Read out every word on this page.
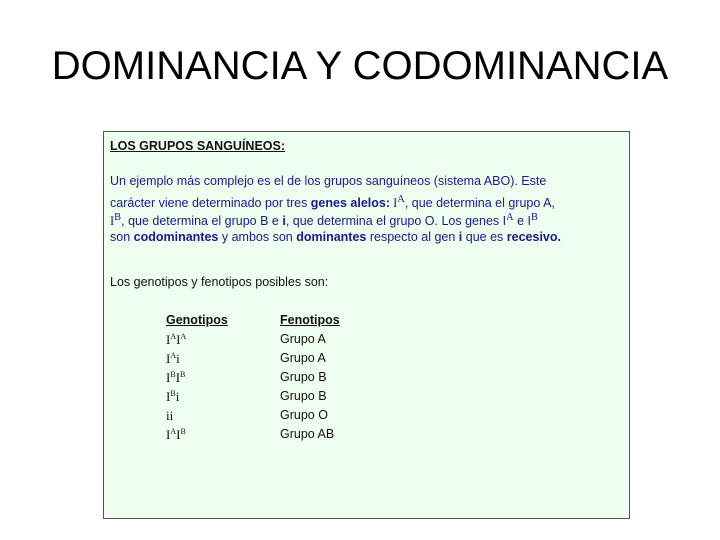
DOMINANCIA Y CODOMINANCIA
LOS GRUPOS SANGUÍNEOS:
Un ejemplo más complejo es el de los grupos sanguíneos (sistema ABO). Este
carácter viene determinado por tres genes alelos: $I^A$, que determina el grupo A,
$I^B$, que determina el grupo B e i, que determina el grupo O. Los genes $I^A$ e $I^B$
son codominantes y ambos son dominantes respecto al gen i que es recesivo.
Los genotipos y fenotipos posibles son:
Genotipos
$I^AI^A$
$I^Ai$
$I^BI^B$
$I^Bi$
ii
$I^AI^B$
Fenotipos
Grupo A
Grupo A
Grupo B
Grupo B
Grupo O
Grupo AB
